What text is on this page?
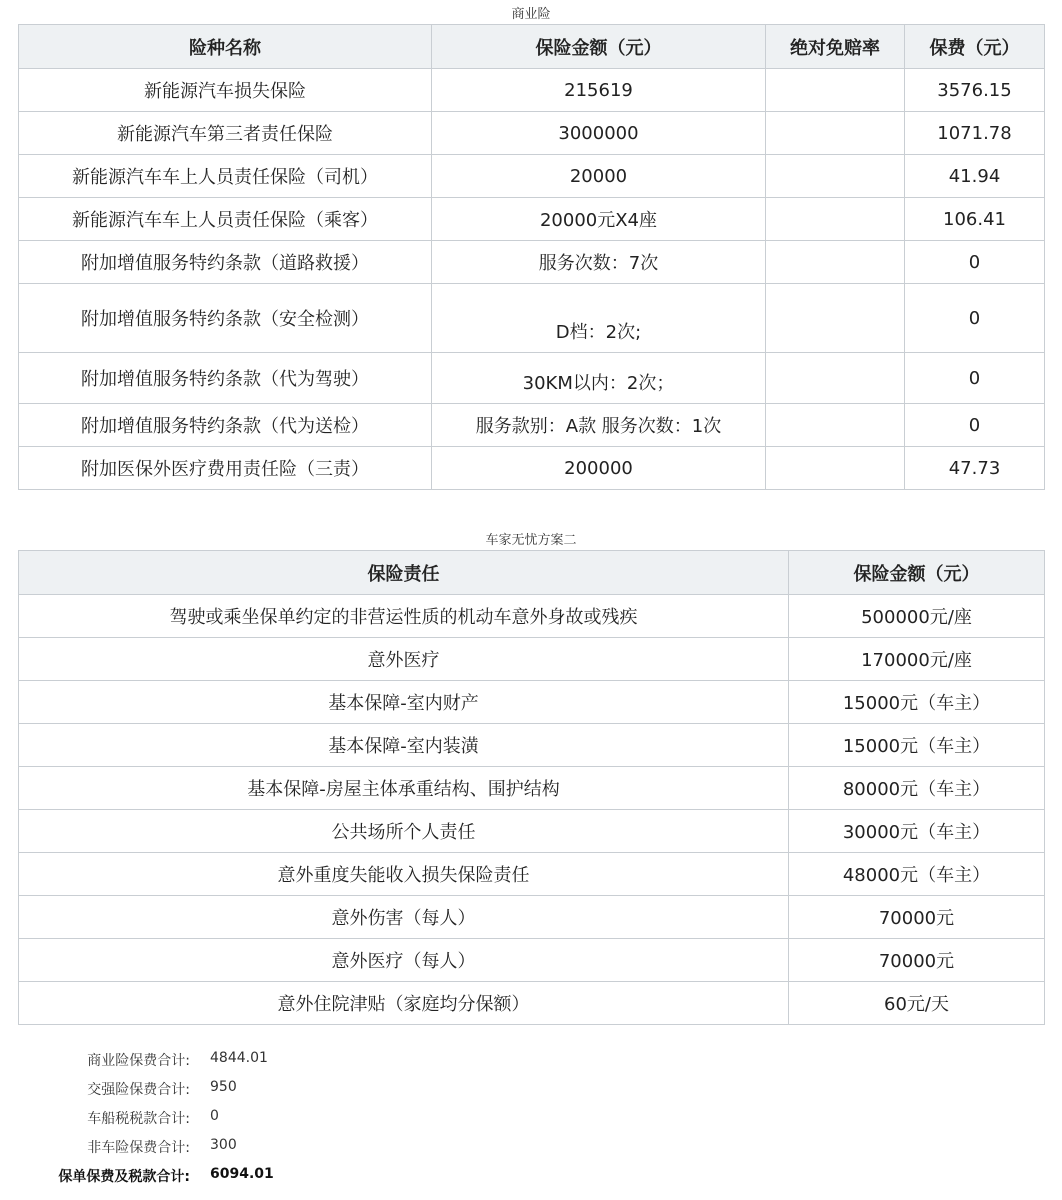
商业险
险种名称	保险金额（元）	绝对免赔率	保费（元）
新能源汽车损失保险	215619		3576.15
新能源汽车第三者责任保险	3000000		1071.78
新能源汽车车上人员责任保险（司机）	20000		41.94
新能源汽车车上人员责任保险（乘客）	20000元X4座		106.41
附加增值服务特约条款（道路救援）	服务次数：7次		0
附加增值服务特约条款（安全检测）	D档：2次;		0
附加增值服务特约条款（代为驾驶）	30KM以内：2次；		0
附加增值服务特约条款（代为送检）	服务款别：A款 服务次数：1次		0
附加医保外医疗费用责任险（三责）	200000		47.73
车家无忧方案二
保险责任	保险金额（元）
驾驶或乘坐保单约定的非营运性质的机动车意外身故或残疾	500000元/座
意外医疗	170000元/座
基本保障-室内财产	15000元（车主）
基本保障-室内装潢	15000元（车主）
基本保障-房屋主体承重结构、围护结构	80000元（车主）
公共场所个人责任	30000元（车主）
意外重度失能收入损失保险责任	48000元（车主）
意外伤害（每人）	70000元
意外医疗（每人）	70000元
意外住院津贴（家庭均分保额）	60元/天
商业险保费合计: 4844.01
交强险保费合计: 950
车船税税款合计: 0
非车险保费合计: 300
保单保费及税款合计: 6094.01
